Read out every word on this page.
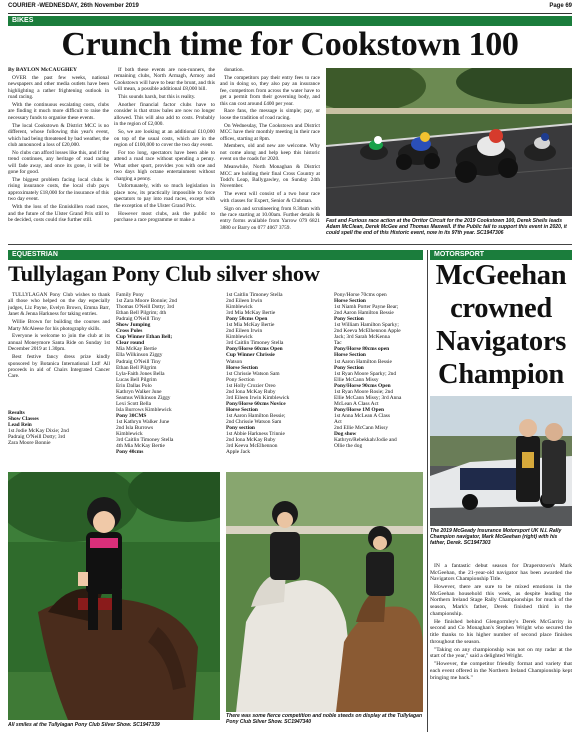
COURIER -WEDNESDAY, 26th November 2019	Page 69
BIKES
Crunch time for Cookstown 100

By BAYLON McCAUGHEY

OVER the past few weeks, national newspapers and other media outlets have been highlighting a rather frightening outlook in road racing.

With the continuous escalating costs, clubs are finding it much more difficult to raise the necessary funds to organise these events.

The local Cookstown & District MCC is no different, whose following this year's event, which had being threatened by bad weather, the club announced a loss of £20,000.

No clubs can afford losses like this, and if the trend continues, any heritage of road racing will fade away, and once its gone, it will be gone for good.

The biggest problem facing local clubs is rising insurance costs, the local club pays approximately £18,000 for the insurance of this two day event.

With the loss of the Enniskillen road races, and the future of the Ulster Grand Prix still to be decided, costs could rise further still.

If both these events are non-runners, the remaining clubs, North Armagh, Armoy and Cookstown will have to bear the brunt, and this will mean, a possible additional £8,000 bill.

This sounds harsh, but this is reality.

Another financial factor clubs have to consider is that straw bales are now no longer allowed. This will also add to costs. Probably in the region of £2,000.

So, we are looking at an additional £10,000 on top of the usual costs, which are in the region of £100,000 to cover the two day event.

For too long, spectators have been able to attend a road race without spending a penny. What other sport, provides you with one and two days high octane entertainment without charging a penny.

Unfortunately, with so much legislation in place now, its practically impossible to force spectators to pay into road races, except with the exception of the Ulster Grand Prix.

However most clubs, ask the public to purchase a race programme or make a

donation.

The competitors pay their entry fees to race and in doing so, they also pay an insurance fee, competitors from across the water have to get a permit from their governing body, and this can cost around £400 per year.

Race fans, the message is simple; pay, or loose the tradition of road racing.

On Wednesday, The Cookstown and District MCC have their monthly meeting in their race offices, starting at 8pm.

Members, old and new are welcome. Why not come along and help keep this historic event on the roads for 2020.

Meanwhile, North Monaghan & District MCC are holding their final Cross Country at Todd's Leap, Ballygawley, on Sunday 24th November.

The event will consist of a two hour race with classes for Expert, Senior & Clubman.

Sign on and scrutineering from 8.30am with the race starting at 10.00am. Further details & entry forms available from Yarrow 079 6821 3880 or Barry on 077 4067 3759.

Fast and Furious race action at the Orritor Circuit for the 2019 Cookstown 100, Derek Sheils leads Adam McClean, Derek McGee and Thomas Maxwell. If the Public fail to support this event in 2020, it could spell the end of this Historic event, now in its 97th year. SC1947306
EQUESTRIAN
Tullylagan Pony Club silver show

TULLYLAGAN Pony Club wishes to thank all those who helped on the day especially judges, Liz Payne, Evelyn Brown, Emma Barr, Janet & Jenna Harkness for taking entries.

Willie Brown for building the courses and Marty McAleese for his photography skills.

Everyone is welcome to join the club at its annual Moneymore Santa Ride on Sunday 1st December 2019 at 1.30pm.

Best festive fancy dress prize kindly sponsored by Botanica International Ltd! All proceeds in aid of Chairs Integrated Cancer Care.

Results
Show Classes
Lead Rein
1st Jodie McKay Dixie; 2nd
Padraig O'Neill Dotty; 3rd
Zara Moore Bonnie
Family Pony
1st Zara Moore Bonnie; 2nd
Thomas O'Neill Dotty; 3rd
Ethan Bell Pilgrim; 4th
Padraig O'Neill Tiny
Show Jumping
Cross Poles
Cup Winner Ethan Bell;
Clear round
Mia McKay Bertie
Ella Wilkinson Ziggy
Padraig O'Neill Tiny
Ethan Bell Pilgrim
Lyla-Faith Jones Bella
Lucas Bell Pilgrim
Erin Dallas Polo
Kathryn Walker June
Seamus Wilkinson Ziggy
Lexi Scott Bella
Isla Burrows Kimblewick
Pony 30CMS
1st Kathryn Walker June
2nd Isla Burrows
Kimblewick
3rd Caitlin Timoney Stella
4th Mia McKay Bertie
Pony 40cms
1st Caitlin Timoney Stella
2nd Eileen Irwin
Kimblewick
3rd Mia McKay Bertie
Pony 50cms Open
1st Mia McKay Bertie
2nd Eileen Irwin
Kimblewick
3rd Caitlin Timoney Stella
Pony/Horse 60cms Open
Cup Winner Chrissie
Watson
Horse Section
1st Chrissie Watson Sam
Pony Section
1st Holly Crozier Oreo
2nd Iona McKay Ruby
3rd Eileen Irwin Kimblewick
Pony/Horse 60cms Novice
Horse Section
1st Aaron Hamilton Bessie;
2nd Chrissie Watson Sam
Pony section
1st Abbie Harkness Trinnie
2nd Iona McKay Ruby
3rd Keeva McElhennon
Apple Jack
Pony/Horse 70cms open
Horse Section
1st Niamh Porter Payne Bear;
2nd Aaron Hamilton Bessie
Pony Section
1st William Hamilton Sparky;
2nd Keeva McElhennon Apple
Jack; 3rd Sarah McKenna
Tac
Pony/Horse 80cms open
Horse Section
1st Aaron Hamilton Bessie
Pony Section
1st Ryan Moore Sparky; 2nd
Ellie McCann Missy
Pony/Horse 90cms Open
1st Ryan Moore Rosie; 2nd
Ellie McCann Missy; 3rd Anna
McLean A Class Act
Pony/Horse 1M Open
1st Anna McLean A Class
Act
2nd Ellie McCann Missy
Dog show
Kathryn/Rebekkah/Jodie and
Ollie the dog
All smiles at the Tullylagan Pony Club Silver Show. SC1947339
There was some fierce competition and noble steeds on display at the Tullylagan Pony Club Silver Show. SC1947340
MOTORSPORT
McGeehan
crowned
Navigators
Champion
The 2019 McGeady Insurance Motorsport UK N.I. Rally Champion navigator, Mark McGeehan (right) with his father, Derek. SC1947303

IN a fantastic debut season for Draperstown's Mark McGeehan, the 21-year-old navigator has been awarded the Navigators Championship Title.

However, there are sure to be mixed emotions in the McGeehan household this week, as despite leading the Northern Ireland Stage Rally Championships for much of the season, Mark's father, Derek finished third in the championship.

He finished behind Glengormley's Derek McGarrity in second and Co Monaghan's Stephen Wright who secured the title thanks to his higher number of second place finishes throughout the season.

"Taking on any championship was not on my radar at the start of the year," said a delighted Wright.

"However, the competitor friendly format and variety that each event offered in the Northern Ireland Championship kept bringing me back."
